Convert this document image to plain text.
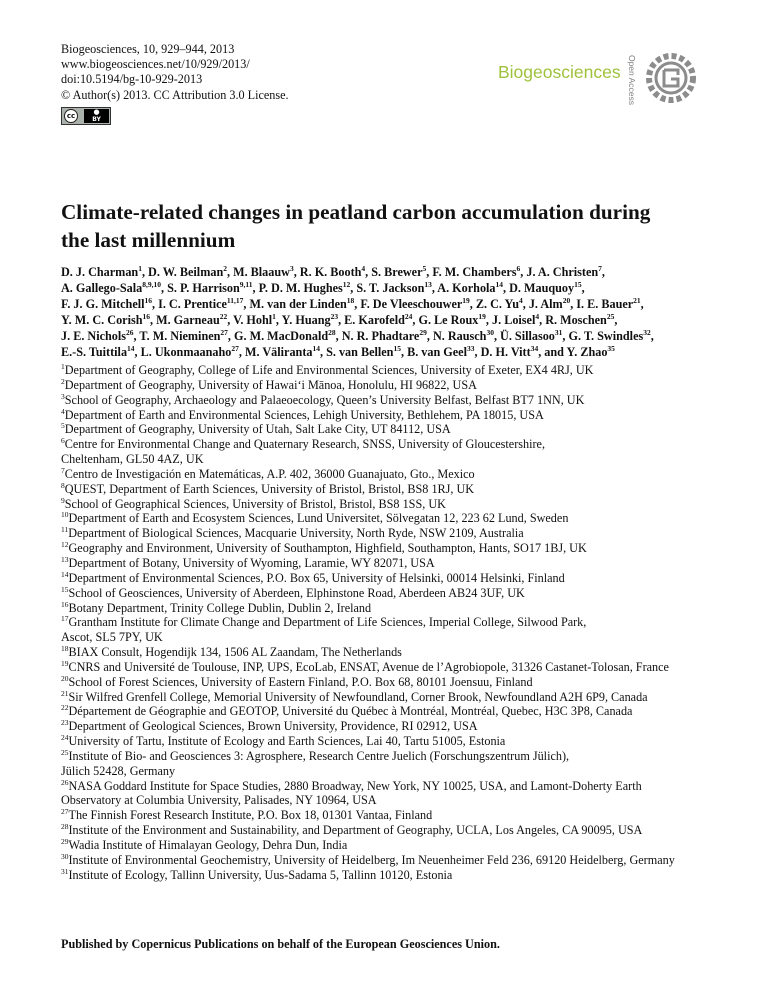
Biogeosciences, 10, 929–944, 2013
www.biogeosciences.net/10/929/2013/
doi:10.5194/bg-10-929-2013
© Author(s) 2013. CC Attribution 3.0 License.
cc	●
BY
Biogeosciences Open Access
Climate-related changes in peatland carbon accumulation during
the last millennium
D. J. Charman$^1$, D. W. Beilman$^2$, M. Blaauw$^3$, R. K. Booth$^4$, S. Brewer$^5$, F. M. Chambers$^6$, J. A. Christen$^7$,
A. Gallego-Sala$^{8,9,10}$, S. P. Harrison$^{9,11}$, P. D. M. Hughes$^{12}$, S. T. Jackson$^{13}$, A. Korhola$^{14}$, D. Mauquoy$^{15}$,
F. J. G. Mitchell$^{16}$, I. C. Prentice$^{11,17}$, M. van der Linden$^{18}$, F. De Vleeschouwer$^{19}$, Z. C. Yu$^4$, J. Alm$^{20}$, I. E. Bauer$^{21}$,
Y. M. C. Corish$^{16}$, M. Garneau$^{22}$, V. Hohl$^1$, Y. Huang$^{23}$, E. Karofeld$^{24}$, G. Le Roux$^{19}$, J. Loisel$^4$, R. Moschen$^{25}$,
J. E. Nichols$^{26}$, T. M. Nieminen$^{27}$, G. M. MacDonald$^{28}$, N. R. Phadtare$^{29}$, N. Rausch$^{30}$, Ü. Sillasoo$^{31}$, G. T. Swindles$^{32}$,
E.-S. Tuittila$^{14}$, L. Ukonmaanaho$^{27}$, M. Väliranta$^{14}$, S. van Bellen$^{15}$, B. van Geel$^{33}$, D. H. Vitt$^{34}$, and Y. Zhao$^{35}$
$^1$Department of Geography, College of Life and Environmental Sciences, University of Exeter, EX4 4RJ, UK
$^2$Department of Geography, University of Hawaiʻi Mānoa, Honolulu, HI 96822, USA
$^3$School of Geography, Archaeology and Palaeoecology, Queen’s University Belfast, Belfast BT7 1NN, UK
$^4$Department of Earth and Environmental Sciences, Lehigh University, Bethlehem, PA 18015, USA
$^5$Department of Geography, University of Utah, Salt Lake City, UT 84112, USA
$^6$Centre for Environmental Change and Quaternary Research, SNSS, University of Gloucestershire,
Cheltenham, GL50 4AZ, UK
$^7$Centro de Investigación en Matemáticas, A.P. 402, 36000 Guanajuato, Gto., Mexico
$^8$QUEST, Department of Earth Sciences, University of Bristol, Bristol, BS8 1RJ, UK
$^9$School of Geographical Sciences, University of Bristol, Bristol, BS8 1SS, UK
$^{10}$Department of Earth and Ecosystem Sciences, Lund Universitet, Sölvegatan 12, 223 62 Lund, Sweden
$^{11}$Department of Biological Sciences, Macquarie University, North Ryde, NSW 2109, Australia
$^{12}$Geography and Environment, University of Southampton, Highfield, Southampton, Hants, SO17 1BJ, UK
$^{13}$Department of Botany, University of Wyoming, Laramie, WY 82071, USA
$^{14}$Department of Environmental Sciences, P.O. Box 65, University of Helsinki, 00014 Helsinki, Finland
$^{15}$School of Geosciences, University of Aberdeen, Elphinstone Road, Aberdeen AB24 3UF, UK
$^{16}$Botany Department, Trinity College Dublin, Dublin 2, Ireland
$^{17}$Grantham Institute for Climate Change and Department of Life Sciences, Imperial College, Silwood Park,
Ascot, SL5 7PY, UK
$^{18}$BIAX Consult, Hogendijk 134, 1506 AL Zaandam, The Netherlands
$^{19}$CNRS and Université de Toulouse, INP, UPS, EcoLab, ENSAT, Avenue de l’Agrobiopole, 31326 Castanet-Tolosan, France
$^{20}$School of Forest Sciences, University of Eastern Finland, P.O. Box 68, 80101 Joensuu, Finland
$^{21}$Sir Wilfred Grenfell College, Memorial University of Newfoundland, Corner Brook, Newfoundland A2H 6P9, Canada
$^{22}$Département de Géographie and GEOTOP, Université du Québec à Montréal, Montréal, Quebec, H3C 3P8, Canada
$^{23}$Department of Geological Sciences, Brown University, Providence, RI 02912, USA
$^{24}$University of Tartu, Institute of Ecology and Earth Sciences, Lai 40, Tartu 51005, Estonia
$^{25}$Institute of Bio- and Geosciences 3: Agrosphere, Research Centre Juelich (Forschungszentrum Jülich),
Jülich 52428, Germany
$^{26}$NASA Goddard Institute for Space Studies, 2880 Broadway, New York, NY 10025, USA, and Lamont-Doherty Earth
Observatory at Columbia University, Palisades, NY 10964, USA
$^{27}$The Finnish Forest Research Institute, P.O. Box 18, 01301 Vantaa, Finland
$^{28}$Institute of the Environment and Sustainability, and Department of Geography, UCLA, Los Angeles, CA 90095, USA
$^{29}$Wadia Institute of Himalayan Geology, Dehra Dun, India
$^{30}$Institute of Environmental Geochemistry, University of Heidelberg, Im Neuenheimer Feld 236, 69120 Heidelberg, Germany
$^{31}$Institute of Ecology, Tallinn University, Uus-Sadama 5, Tallinn 10120, Estonia
Published by Copernicus Publications on behalf of the European Geosciences Union.
